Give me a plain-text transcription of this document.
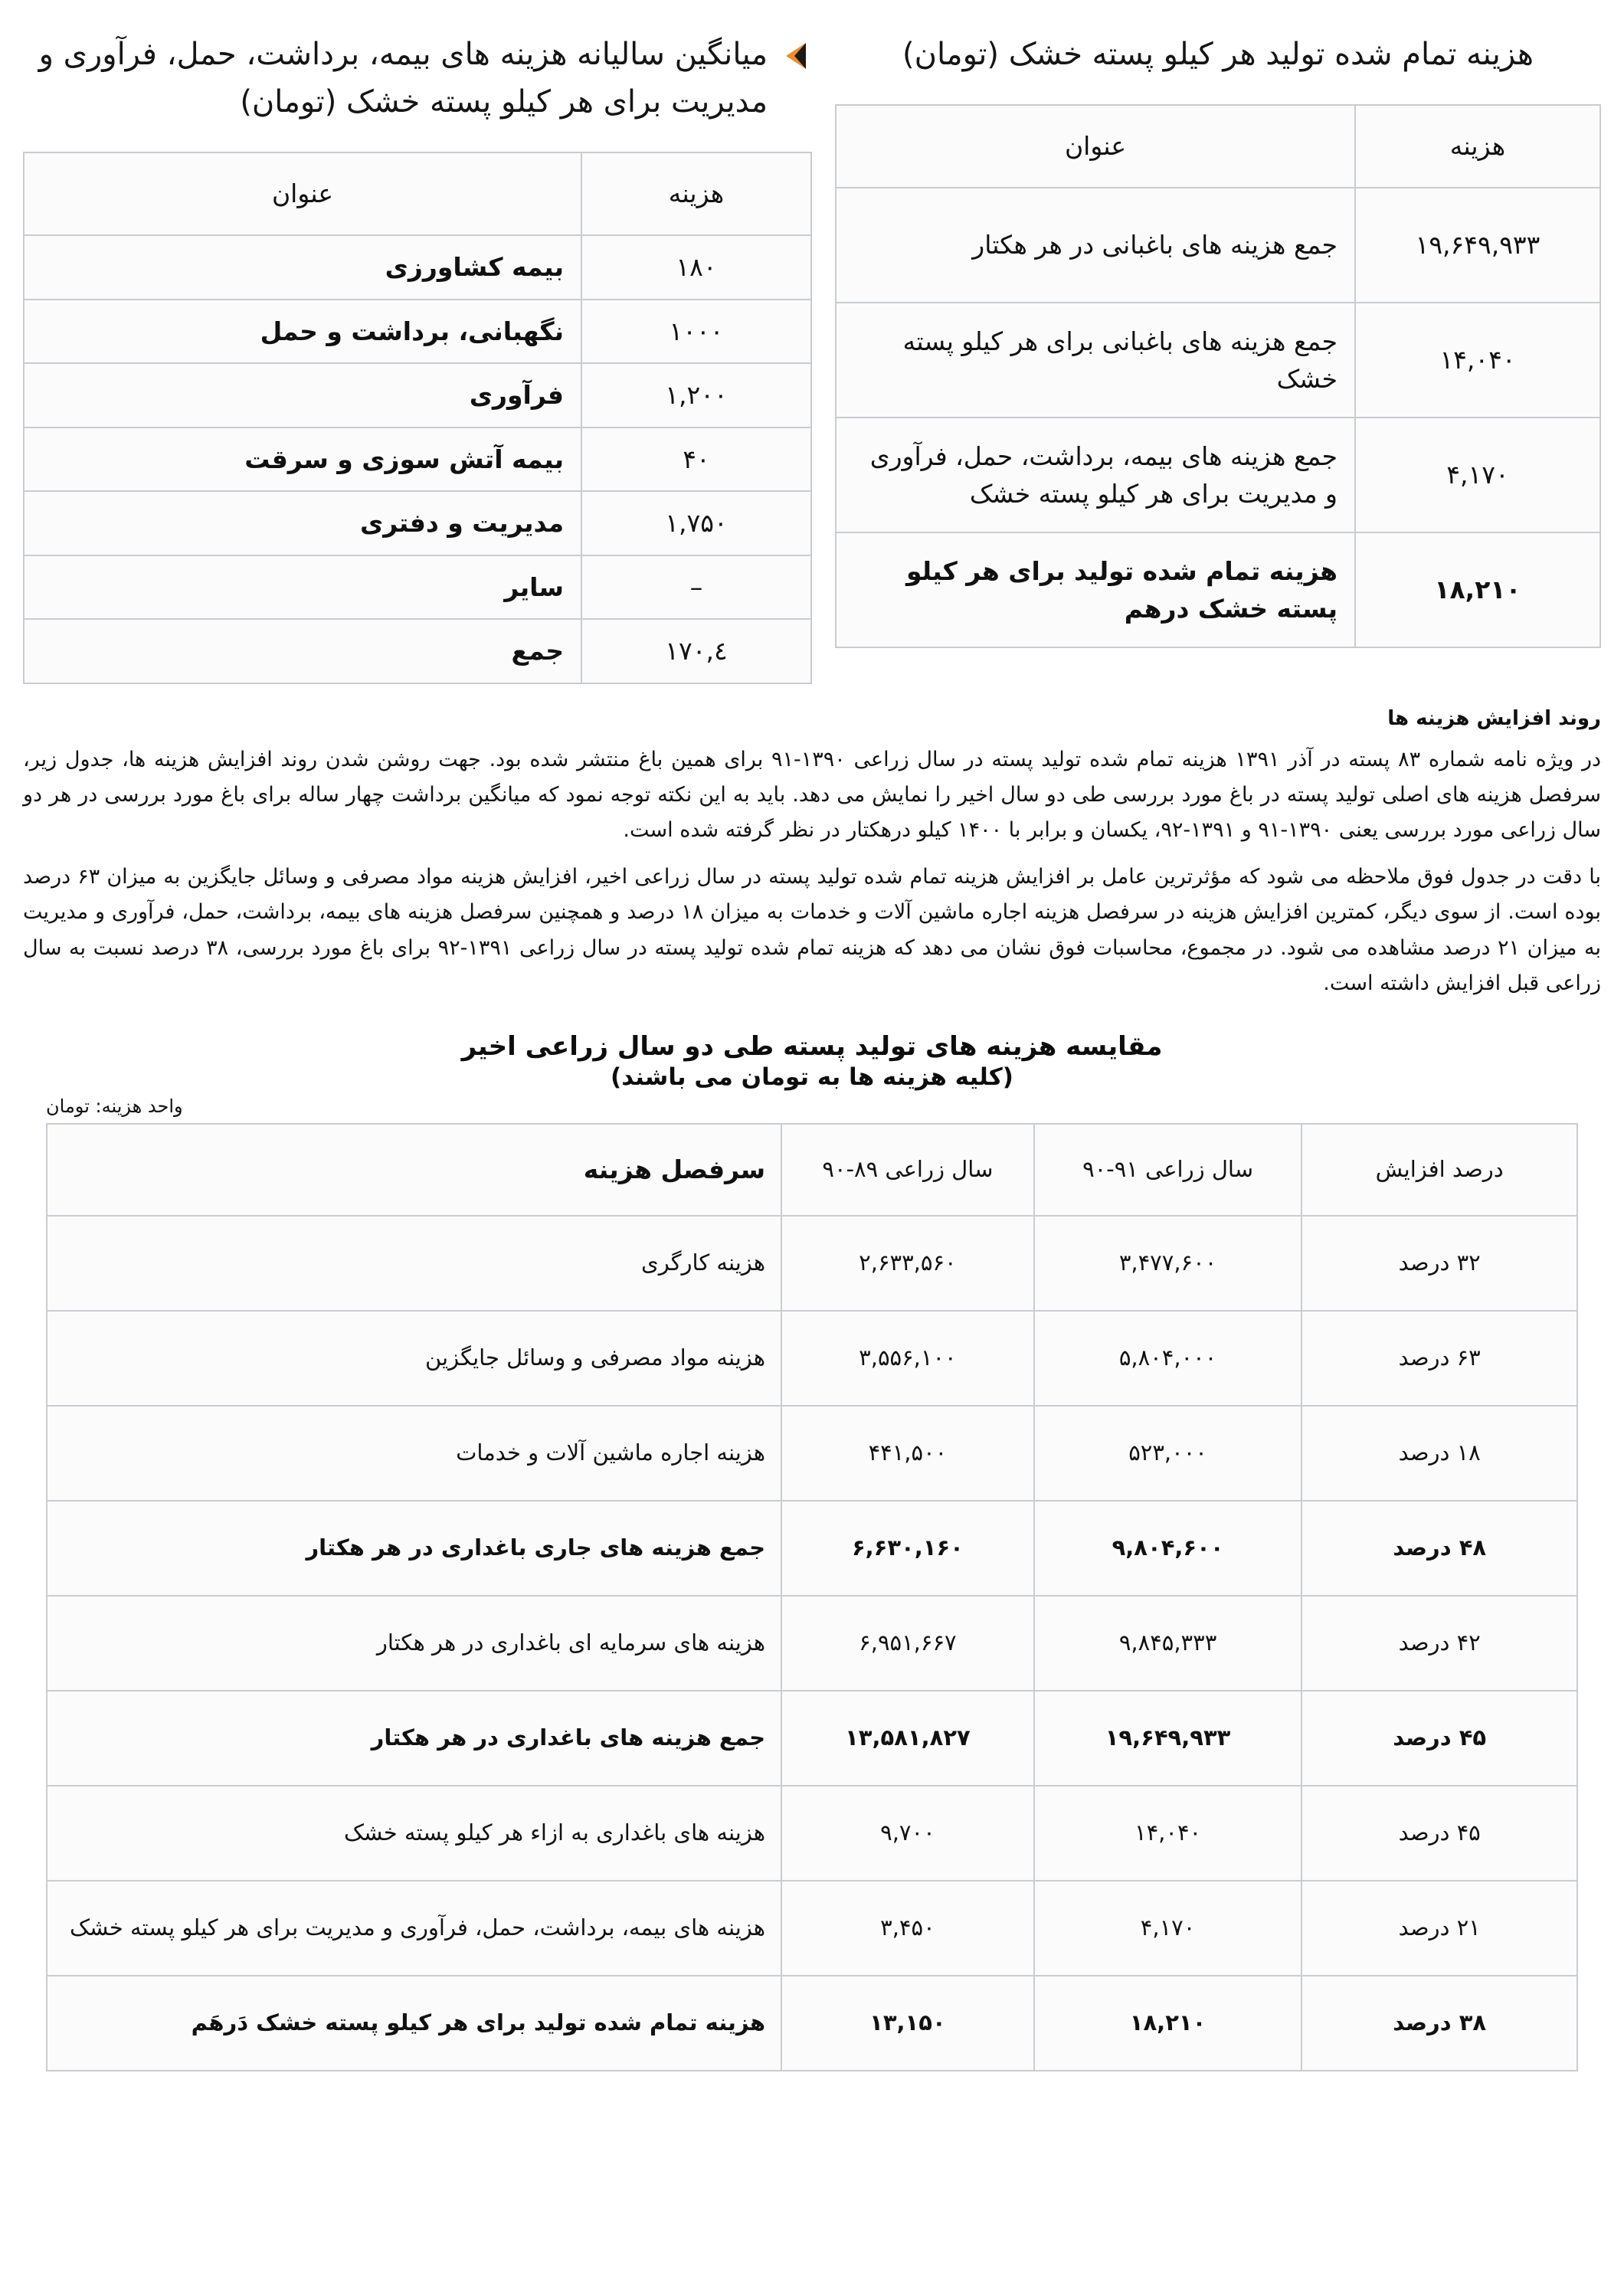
هزینه تمام شده تولید هر کیلو پسته خشک (تومان)
هزینه	عنوان
۱۹,۶۴۹,۹۳۳	جمع هزینه های باغبانی در هر هکتار
۱۴,۰۴۰	جمع هزینه های باغبانی برای هر کیلو پسته خشک
۴,۱۷۰	جمع هزینه های بیمه، برداشت، حمل، فرآوری و مدیریت برای هر کیلو پسته خشک
۱۸,۲۱۰	هزینه تمام شده تولید برای هر کیلو پسته خشک درهم
میانگین سالیانه هزینه های بیمه، برداشت، حمل، فرآوری و مدیریت برای هر کیلو پسته خشک (تومان)
هزینه	عنوان
۱۸۰	بیمه کشاورزی
۱۰۰۰	نگهبانی، برداشت و حمل
۱,۲۰۰	فرآوری
۴۰	بیمه آتش سوزی و سرقت
۱,۷۵۰	مدیریت و دفتری
–	سایر
٤,۱۷۰	جمع
روند افزایش هزینه ها

در ویژه نامه شماره ۸۳ پسته در آذر ۱۳۹۱ هزینه تمام شده تولید پسته در سال زراعی ۱۳۹۰-۹۱ برای همین باغ منتشر شده بود. جهت روشن شدن روند افزایش هزینه ها، جدول زیر، سرفصل هزینه های اصلی تولید پسته در باغ مورد بررسی طی دو سال اخیر را نمایش می دهد. باید به این نکته توجه نمود که میانگین برداشت چهار ساله برای باغ مورد بررسی در هر دو سال زراعی مورد بررسی یعنی ۱۳۹۰-۹۱ و ۱۳۹۱-۹۲، یکسان و برابر با ۱۴۰۰ کیلو درهکتار در نظر گرفته شده است.

با دقت در جدول فوق ملاحظه می شود که مؤثرترین عامل بر افزایش هزینه تمام شده تولید پسته در سال زراعی اخیر، افزایش هزینه مواد مصرفی و وسائل جایگزین به میزان ۶۳ درصد بوده است. از سوی دیگر، کمترین افزایش هزینه در سرفصل هزینه اجاره ماشین آلات و خدمات به میزان ۱۸ درصد و همچنین سرفصل هزینه های بیمه، برداشت، حمل، فرآوری و مدیریت به میزان ۲۱ درصد مشاهده می شود. در مجموع، محاسبات فوق نشان می دهد که هزینه تمام شده تولید پسته در سال زراعی ۱۳۹۱-۹۲ برای باغ مورد بررسی، ۳۸ درصد نسبت به سال زراعی قبل افزایش داشته است.

مقایسه هزینه های تولید پسته طی دو سال زراعی اخیر
(کلیه هزینه ها به تومان می باشند)
واحد هزینه: تومان
درصد افزایش	سال زراعی ۹۱-۹۰	سال زراعی ۸۹-۹۰	سرفصل هزینه
۳۲ درصد	۳,۴۷۷,۶۰۰	۲,۶۳۳,۵۶۰	هزینه کارگری
۶۳ درصد	۵,۸۰۴,۰۰۰	۳,۵۵۶,۱۰۰	هزینه مواد مصرفی و وسائل جایگزین
۱۸ درصد	۵۲۳,۰۰۰	۴۴۱,۵۰۰	هزینه اجاره ماشین آلات و خدمات
۴۸ درصد	۹,۸۰۴,۶۰۰	۶,۶۳۰,۱۶۰	جمع هزینه های جاری باغداری در هر هکتار
۴۲ درصد	۹,۸۴۵,۳۳۳	۶,۹۵۱,۶۶۷	هزینه های سرمایه ای باغداری در هر هکتار
۴۵ درصد	۱۹,۶۴۹,۹۳۳	۱۳,۵۸۱,۸۲۷	جمع هزینه های باغداری در هر هکتار
۴۵ درصد	۱۴,۰۴۰	۹,۷۰۰	هزینه های باغداری به ازاء هر کیلو پسته خشک
۲۱ درصد	۴,۱۷۰	۳,۴۵۰	هزینه های بیمه، برداشت، حمل، فرآوری و مدیریت برای هر کیلو پسته خشک
۳۸ درصد	۱۸,۲۱۰	۱۳,۱۵۰	هزینه تمام شده تولید برای هر کیلو پسته خشک دَرهَم
